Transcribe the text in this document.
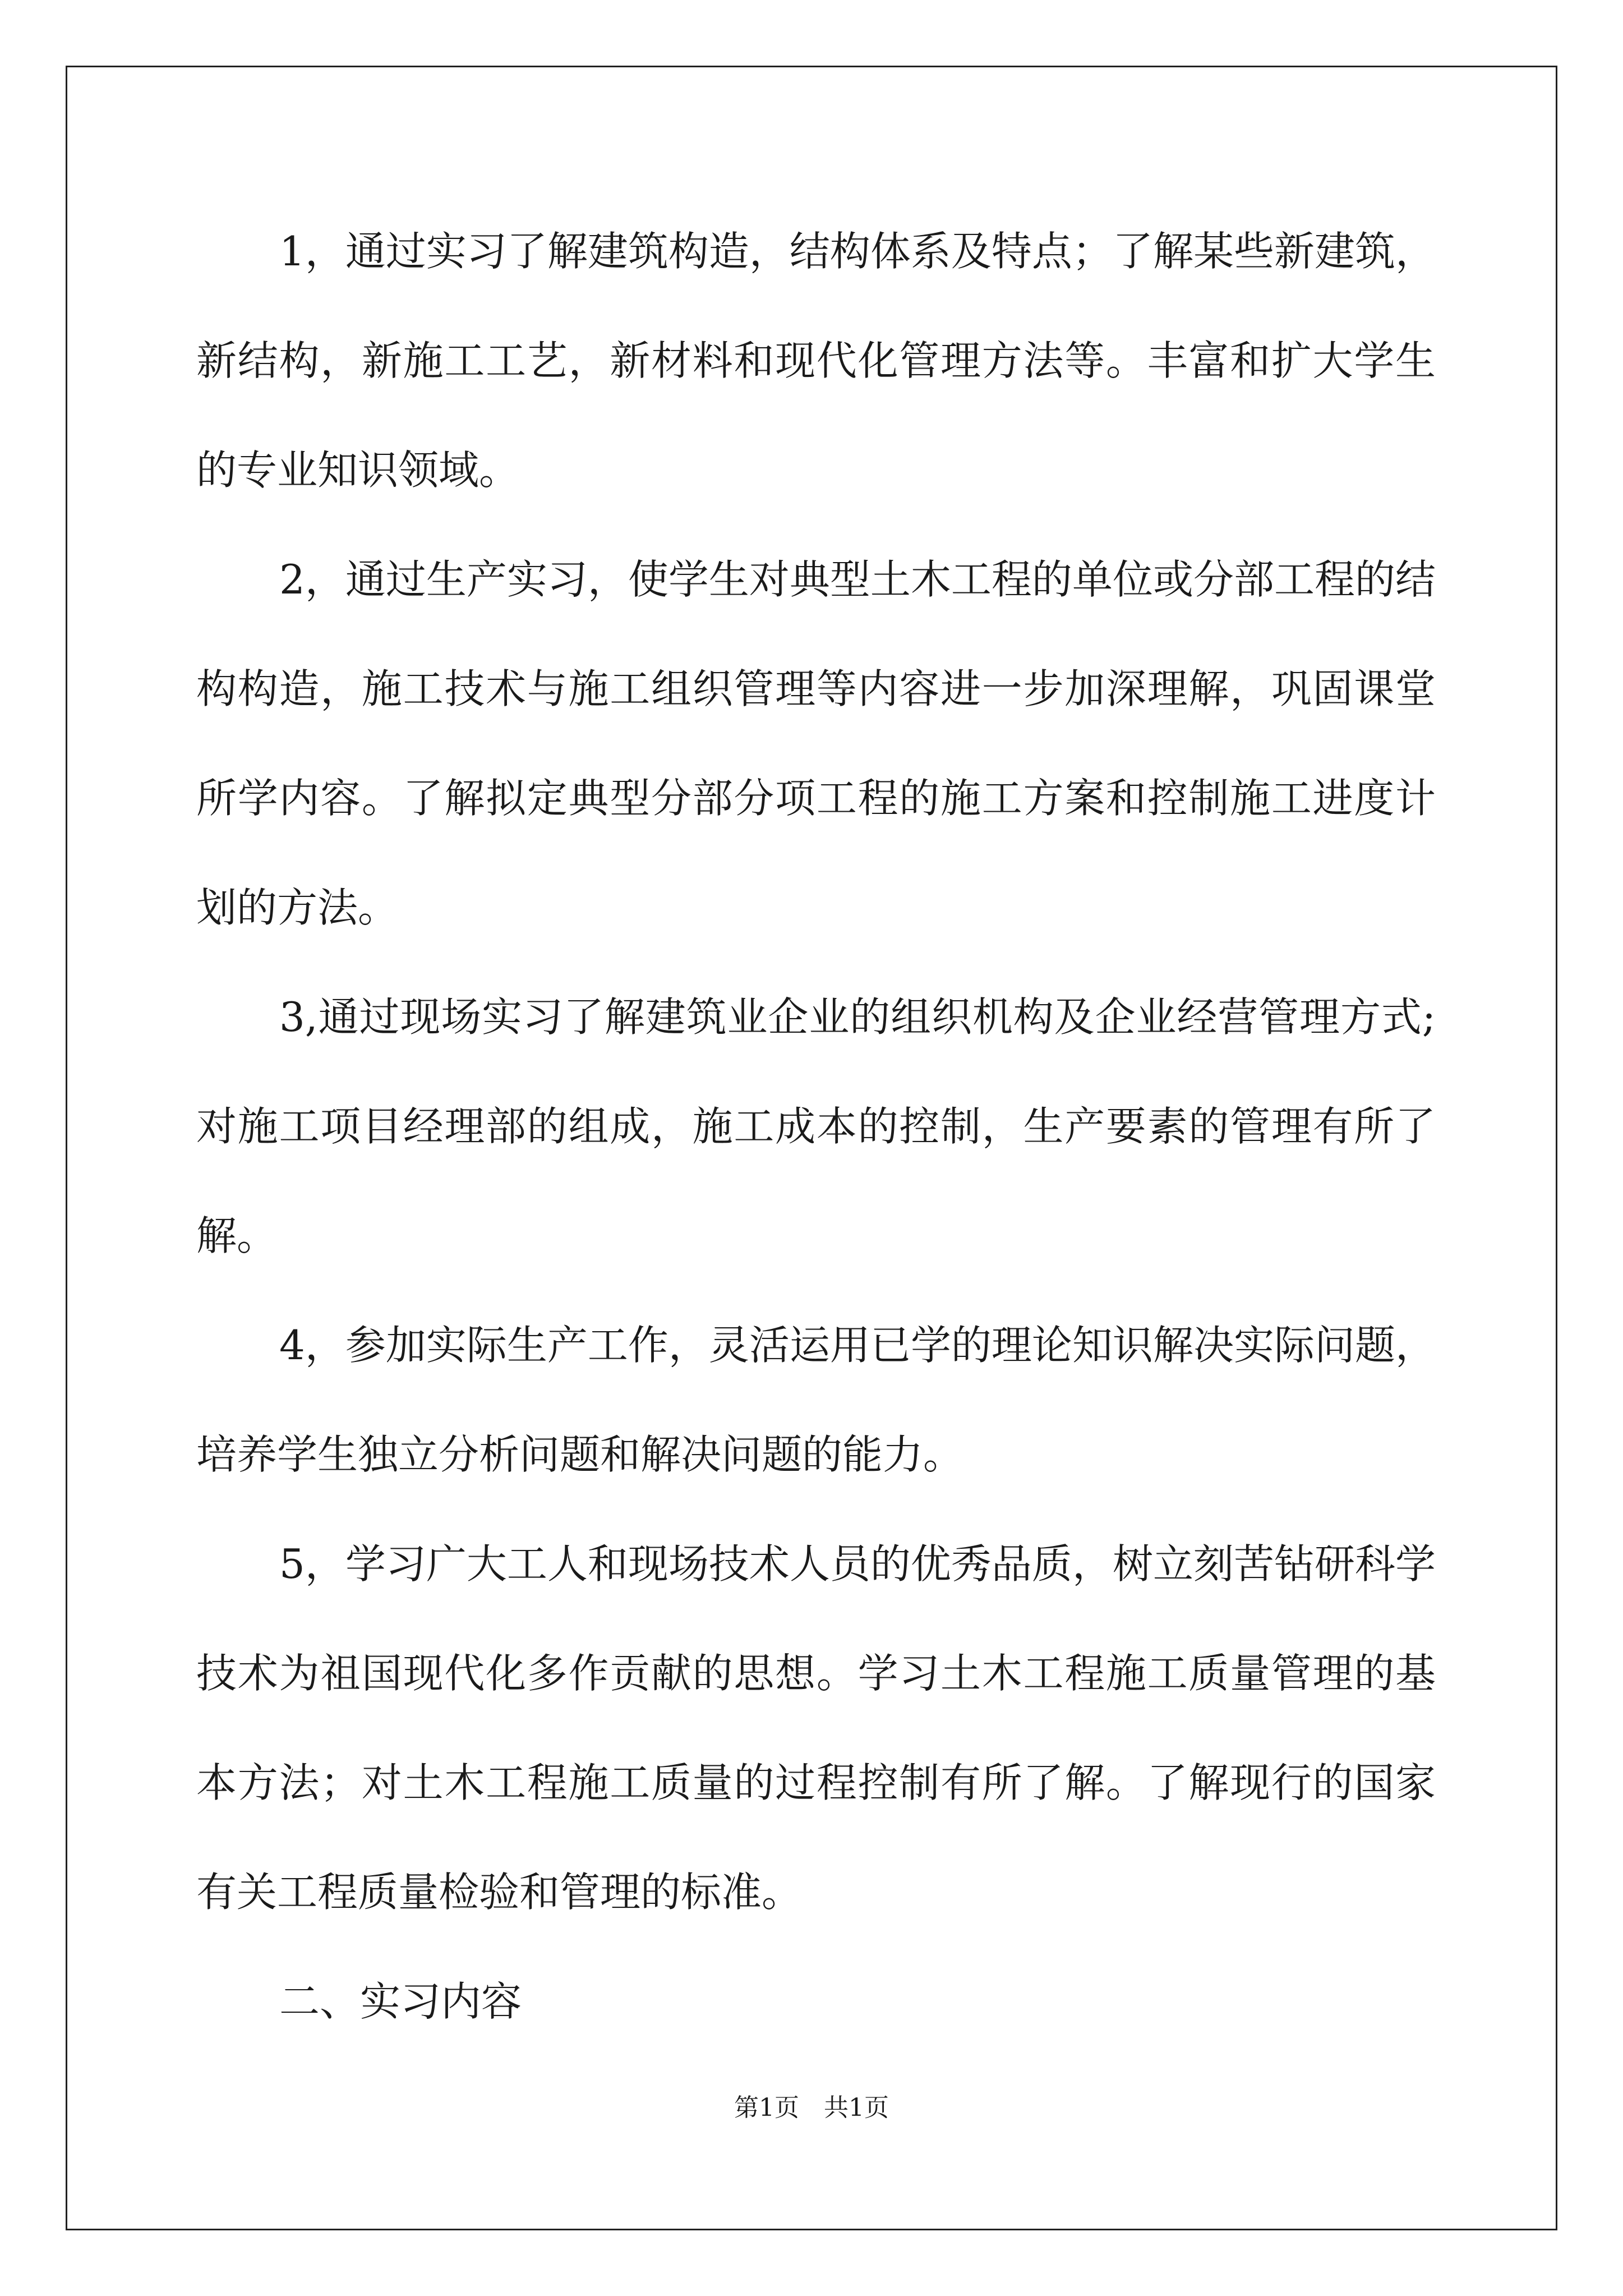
1，通过实习了解建筑构造，结构体系及特点；了解某些新建筑，
新结构，新施工工艺，新材料和现代化管理方法等。丰富和扩大学生
的专业知识领域。
2，通过生产实习，使学生对典型土木工程的单位或分部工程的结
构构造，施工技术与施工组织管理等内容进一步加深理解，巩固课堂
所学内容。了解拟定典型分部分项工程的施工方案和控制施工进度计
划的方法。
3,通过现场实习了解建筑业企业的组织机构及企业经营管理方式;
对施工项目经理部的组成，施工成本的控制，生产要素的管理有所了
解。
4，参加实际生产工作，灵活运用已学的理论知识解决实际问题，
培养学生独立分析问题和解决问题的能力。
5，学习广大工人和现场技术人员的优秀品质，树立刻苦钻研科学
技术为祖国现代化多作贡献的思想。学习土木工程施工质量管理的基
本方法；对土木工程施工质量的过程控制有所了解。了解现行的国家
有关工程质量检验和管理的标准。
二、实习内容
第1页　共1页
